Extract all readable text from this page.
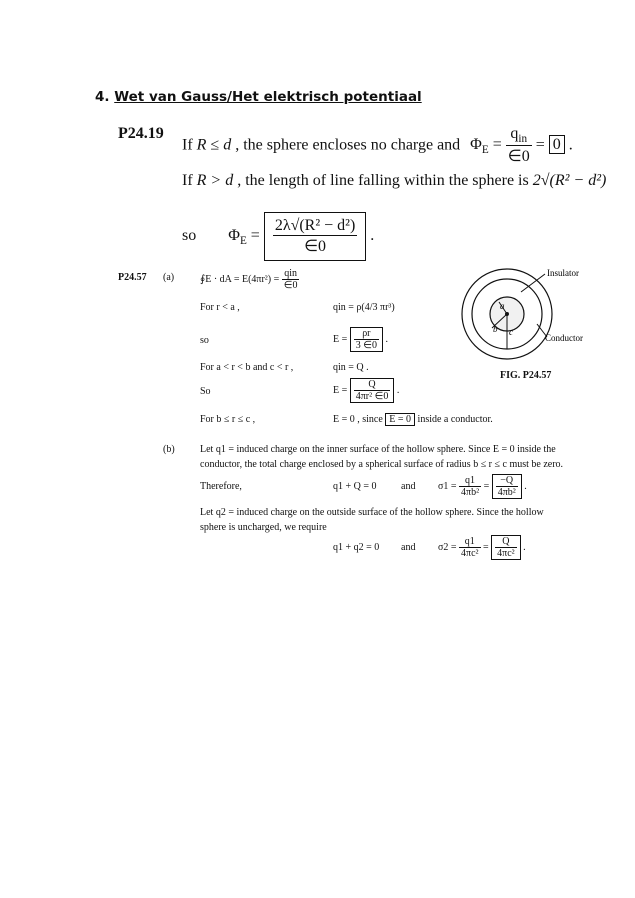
4. Wet van Gauss/Het elektrisch potentiaal
P24.19
If R ≤ d , the sphere encloses no charge and $\Phi_E = \frac{q_{in}}{\in 0} = 0$ .
If R > d , the length of line falling within the sphere is 2√(R² − d²)
so $\Phi_E = \frac{\text{2λ√(R² − d²)}}{\in 0}$ .
P24.57 (a)	∮E · dA = $E(4\pi r^2) = \frac{\text{qin}}{\in 0}$
For r < a ,	qin = ρ(4/3 πr³)
so	$E = \frac{\rho r}{3 \in 0}$ .
For a < r < b and c < r ,	qin = Q .
So	$E = \frac{Q}{\text{4πr² ∈0}}$ .
For b ≤ r ≤ c ,	E = 0 , since E = 0 inside a conductor.
a
b c
Insulator
Conductor
FIG. P24.57
(b)	Let q1 = induced charge on the inner surface of the hollow sphere. Since E = 0 inside the
conductor, the total charge enclosed by a spherical surface of radius b ≤ r ≤ c must be zero.
Therefore,	q1 + Q = 0 and $\sigma 1 = \frac{q1}{\text{4πb²}} = \frac{-Q}{\text{4πb²}}$ .
Let q2 = induced charge on the outside surface of the hollow sphere. Since the hollow
sphere is uncharged, we require
q1 + q2 = 0 and $\sigma 2 = \frac{q1}{\text{4πc²}} = \frac{Q}{\text{4πc²}}$ .
